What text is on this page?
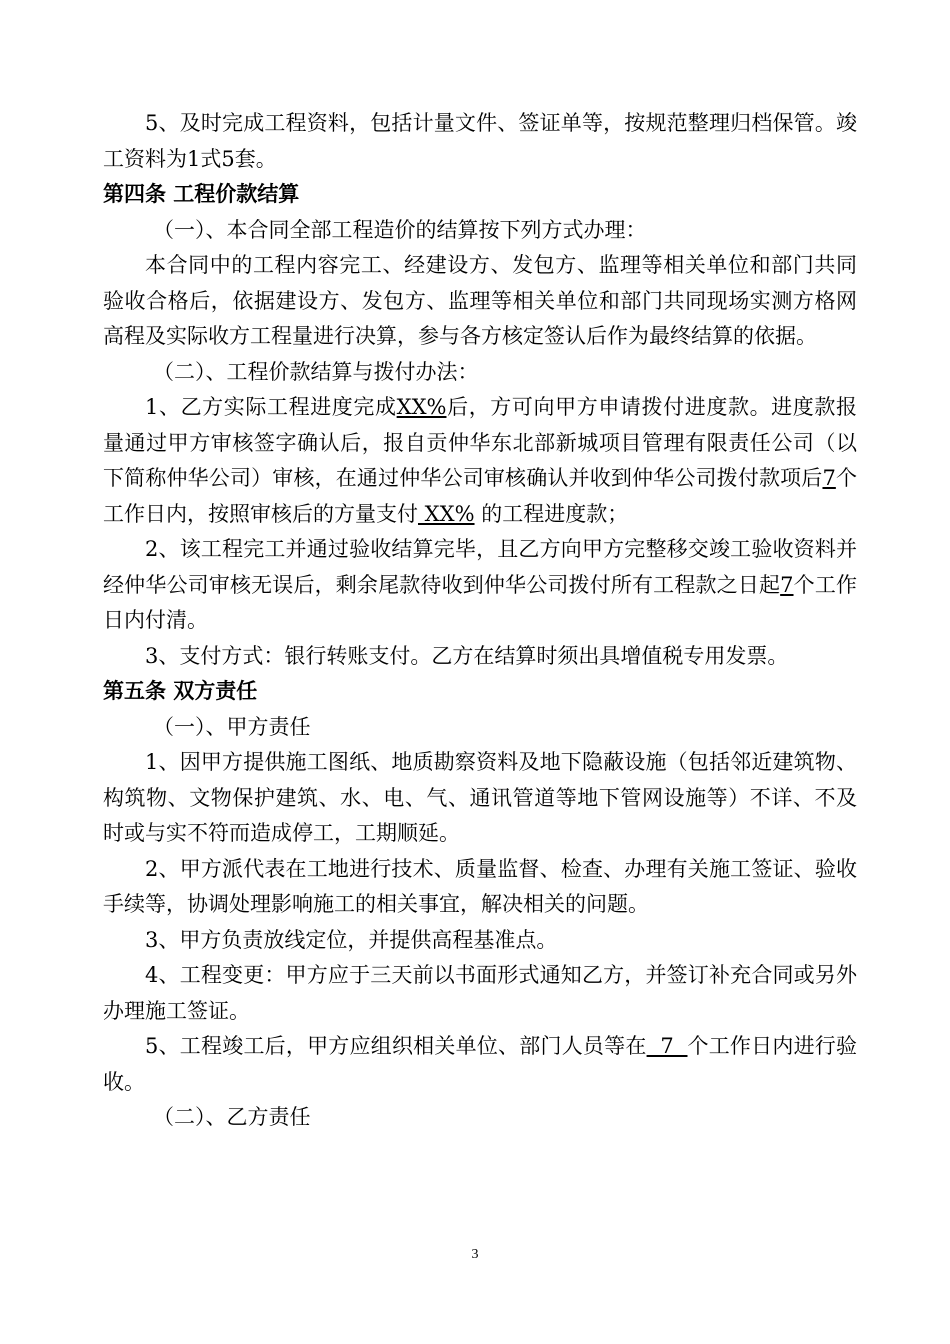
5、及时完成工程资料，包括计量文件、签证单等，按规范整理归档保管。竣工资料为1式5套。

第四条 工程价款结算

（一）、本合同全部工程造价的结算按下列方式办理：

本合同中的工程内容完工、经建设方、发包方、监理等相关单位和部门共同验收合格后，依据建设方、发包方、监理等相关单位和部门共同现场实测方格网高程及实际收方工程量进行决算，参与各方核定签认后作为最终结算的依据。

（二）、工程价款结算与拨付办法：

1、乙方实际工程进度完成XX%后，方可向甲方申请拨付进度款。进度款报量通过甲方审核签字确认后，报自贡仲华东北部新城项目管理有限责任公司（以下简称仲华公司）审核，在通过仲华公司审核确认并收到仲华公司拨付款项后7个工作日内，按照审核后的方量支付 XX% 的工程进度款；

2、该工程完工并通过验收结算完毕，且乙方向甲方完整移交竣工验收资料并经仲华公司审核无误后，剩余尾款待收到仲华公司拨付所有工程款之日起7个工作日内付清。

3、支付方式：银行转账支付。乙方在结算时须出具增值税专用发票。

第五条 双方责任

（一）、甲方责任

1、因甲方提供施工图纸、地质勘察资料及地下隐蔽设施（包括邻近建筑物、构筑物、文物保护建筑、水、电、气、通讯管道等地下管网设施等）不详、不及时或与实不符而造成停工，工期顺延。

2、甲方派代表在工地进行技术、质量监督、检查、办理有关施工签证、验收手续等，协调处理影响施工的相关事宜，解决相关的问题。

3、甲方负责放线定位，并提供高程基准点。

4、工程变更：甲方应于三天前以书面形式通知乙方，并签订补充合同或另外办理施工签证。

5、工程竣工后，甲方应组织相关单位、部门人员等在  7  个工作日内进行验收。

（二）、乙方责任

3
